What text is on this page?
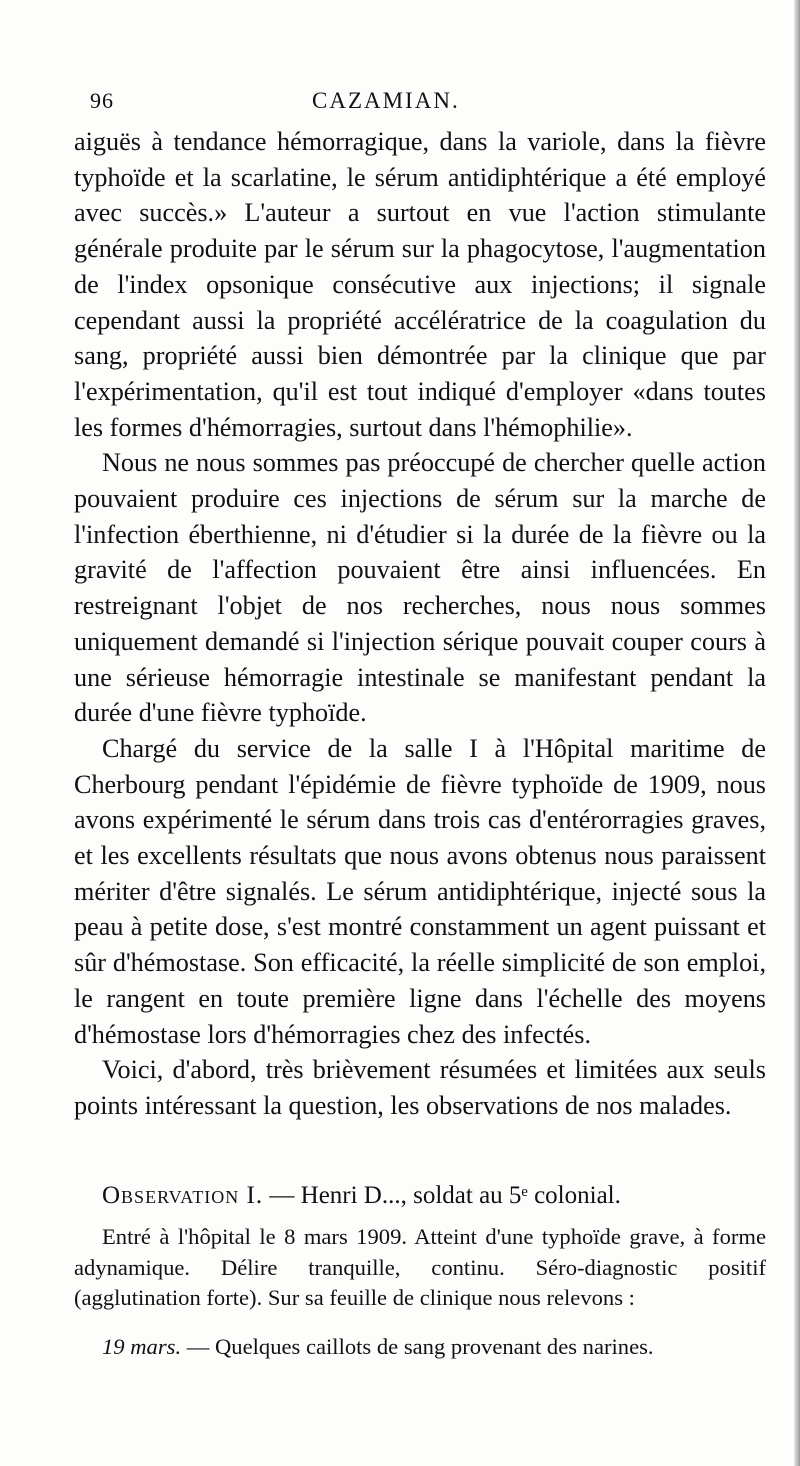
96	CAZAMIAN.

aiguës à tendance hémorragique, dans la variole, dans la fièvre typhoïde et la scarlatine, le sérum antidiphtérique a été employé avec succès.» L'auteur a surtout en vue l'action stimulante générale produite par le sérum sur la phagocytose, l'augmentation de l'index opsonique consécutive aux injections; il signale cependant aussi la propriété accélératrice de la coagulation du sang, propriété aussi bien démontrée par la clinique que par l'expérimentation, qu'il est tout indiqué d'employer «dans toutes les formes d'hémorragies, surtout dans l'hémophilie».

Nous ne nous sommes pas préoccupé de chercher quelle action pouvaient produire ces injections de sérum sur la marche de l'infection éberthienne, ni d'étudier si la durée de la fièvre ou la gravité de l'affection pouvaient être ainsi influencées. En restreignant l'objet de nos recherches, nous nous sommes uniquement demandé si l'injection sérique pouvait couper cours à une sérieuse hémorragie intestinale se manifestant pendant la durée d'une fièvre typhoïde.

Chargé du service de la salle I à l'Hôpital maritime de Cherbourg pendant l'épidémie de fièvre typhoïde de 1909, nous avons expérimenté le sérum dans trois cas d'entérorragies graves, et les excellents résultats que nous avons obtenus nous paraissent mériter d'être signalés. Le sérum antidiphtérique, injecté sous la peau à petite dose, s'est montré constamment un agent puissant et sûr d'hémostase. Son efficacité, la réelle simplicité de son emploi, le rangent en toute première ligne dans l'échelle des moyens d'hémostase lors d'hémorragies chez des infectés.

Voici, d'abord, très brièvement résumées et limitées aux seuls points intéressant la question, les observations de nos malades.

Observation I. — Henri D..., soldat au 5ᵉ colonial.

Entré à l'hôpital le 8 mars 1909. Atteint d'une typhoïde grave, à forme adynamique. Délire tranquille, continu. Séro-diagnostic positif (agglutination forte). Sur sa feuille de clinique nous relevons :

19 mars. — Quelques caillots de sang provenant des narines.
